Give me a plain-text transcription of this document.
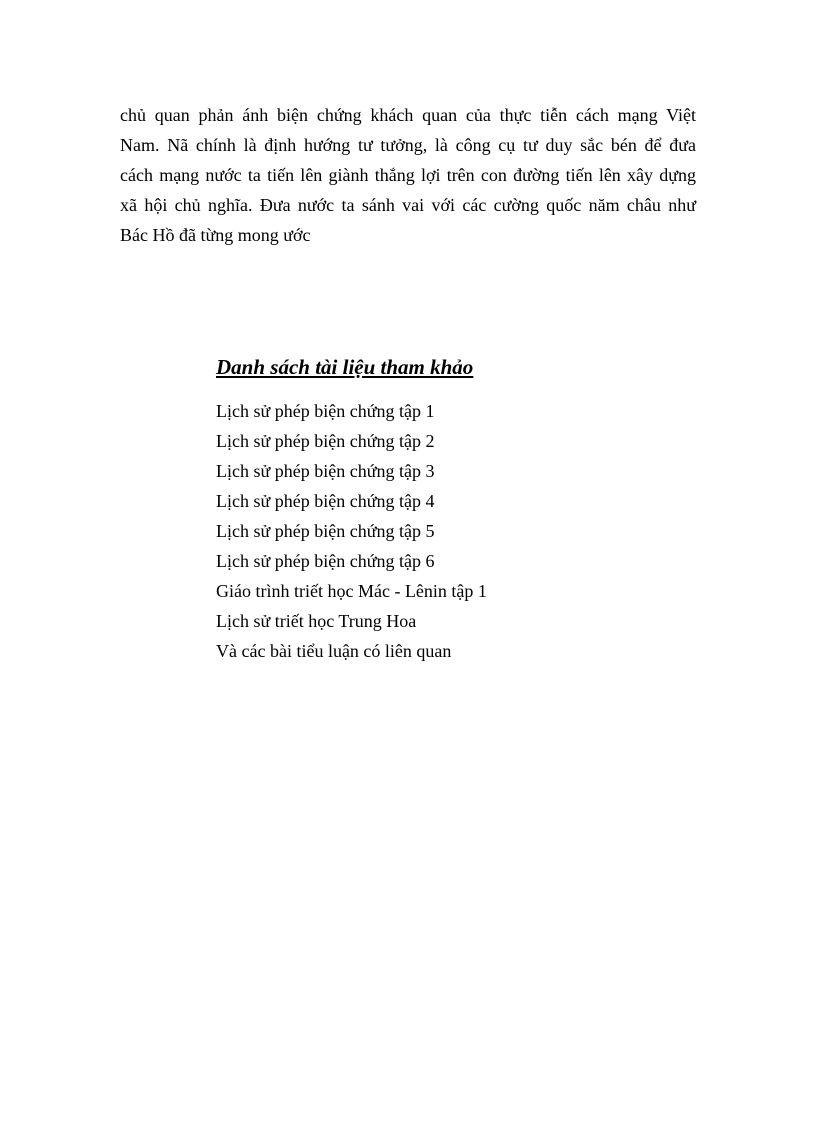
chủ quan phản ánh biện chứng khách quan của thực tiễn cách mạng Việt
Nam. Nã chính là định hướng tư tưởng, là công cụ tư duy sắc bén để đưa
cách mạng nước ta tiến lên giành thắng lợi trên con đường tiến lên xây dựng
xã hội chủ nghĩa. Đưa nước ta sánh vai với các cường quốc năm châu như
Bác Hồ đã từng mong ước
Danh sách tài liệu tham khảo
Lịch sử phép biện chứng tập 1
Lịch sử phép biện chứng tập 2
Lịch sử phép biện chứng tập 3
Lịch sử phép biện chứng tập 4
Lịch sử phép biện chứng tập 5
Lịch sử phép biện chứng tập 6
Giáo trình triết học Mác - Lênin tập 1
Lịch sử triết học Trung Hoa
Và các bài tiểu luận có liên quan
